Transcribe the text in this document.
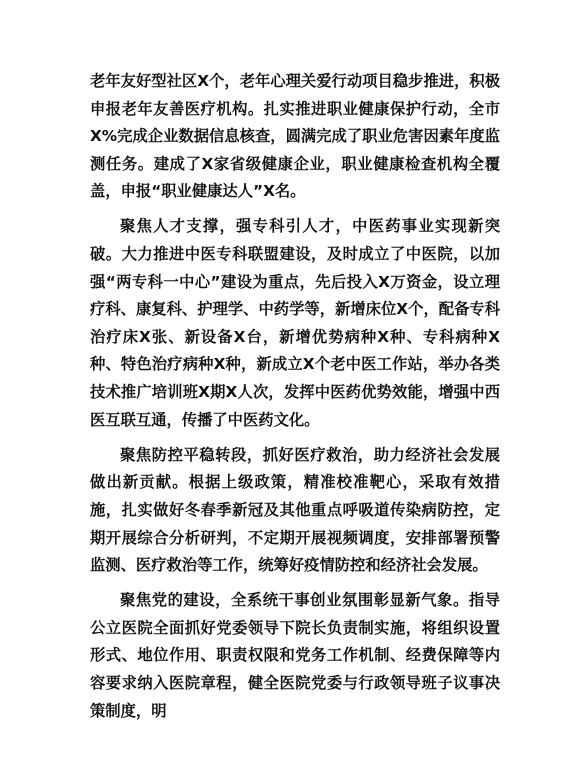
老年友好型社区X个，老年心理关爱行动项目稳步推进，积极申报老年友善医疗机构。扎实推进职业健康保护行动，全市X%完成企业数据信息核查，圆满完成了职业危害因素年度监测任务。建成了X家省级健康企业，职业健康检查机构全覆盖，申报“职业健康达人”X名。

聚焦人才支撑，强专科引人才，中医药事业实现新突破。大力推进中医专科联盟建设，及时成立了中医院，以加强“两专科一中心”建设为重点，先后投入X万资金，设立理疗科、康复科、护理学、中药学等，新增床位X个，配备专科治疗床X张、新设备X台，新增优势病种X种、专科病种X种、特色治疗病种X种，新成立X个老中医工作站，举办各类技术推广培训班X期X人次，发挥中医药优势效能，增强中西医互联互通，传播了中医药文化。

聚焦防控平稳转段，抓好医疗救治，助力经济社会发展做出新贡献。根据上级政策，精准校准靶心，采取有效措施，扎实做好冬春季新冠及其他重点呼吸道传染病防控，定期开展综合分析研判，不定期开展视频调度，安排部署预警监测、医疗救治等工作，统筹好疫情防控和经济社会发展。

聚焦党的建设，全系统干事创业氛围彰显新气象。指导公立医院全面抓好党委领导下院长负责制实施，将组织设置形式、地位作用、职责权限和党务工作机制、经费保障等内容要求纳入医院章程，健全医院党委与行政领导班子议事决策制度，明
